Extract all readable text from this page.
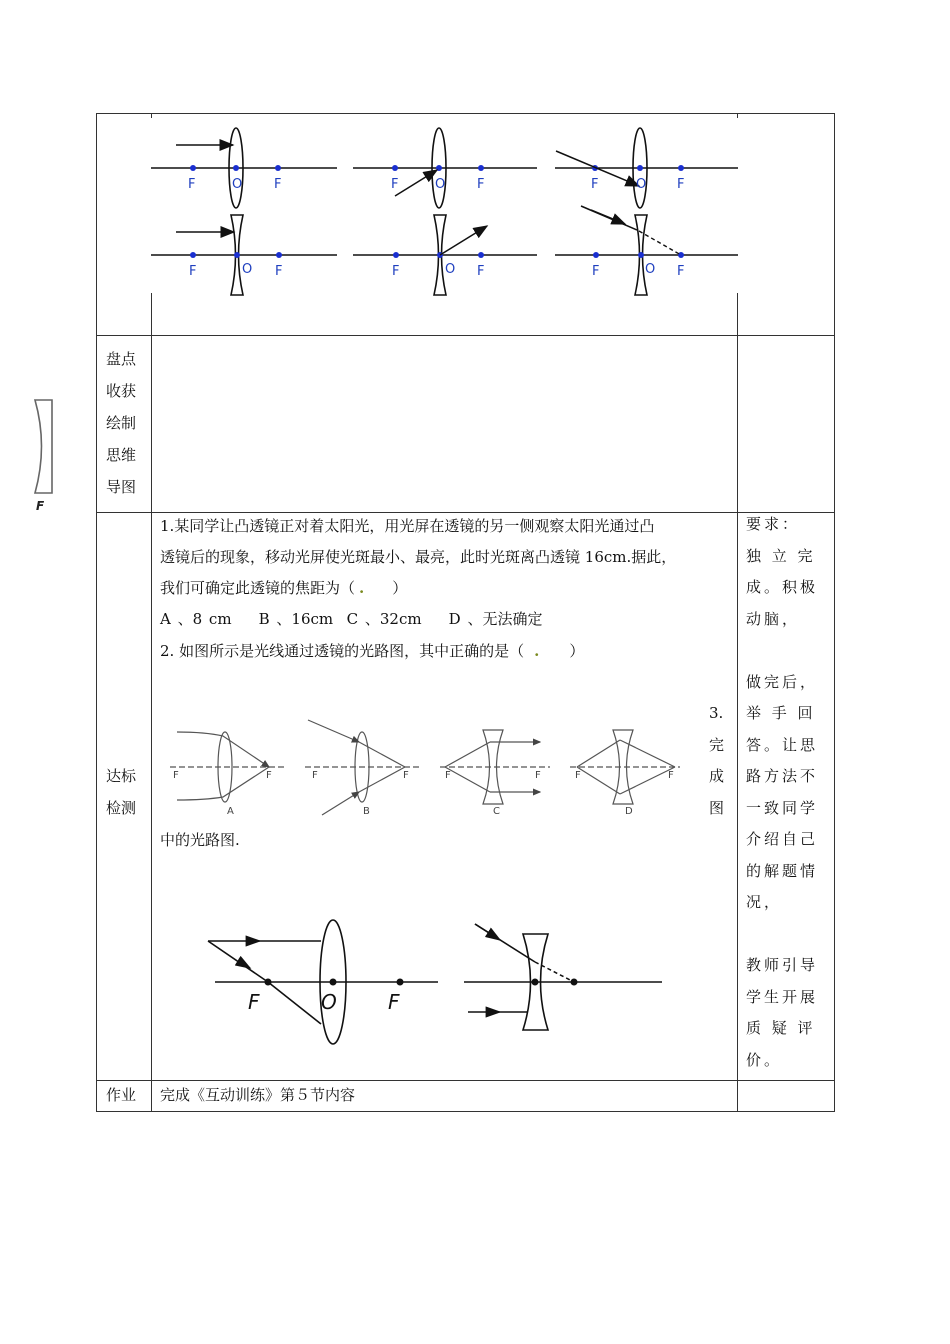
F	O F	F	O F	F	O F
F	O F	F	O F	F	O F
F
盘点
收获
绘制
思维
导图
达标
检测
1.某同学让凸透镜正对着太阳光，用光屏在透镜的另一侧观察太阳光通过凸
透镜后的现象，移动光屏使光斑最小、最亮，此时光斑离凸透镜 16cm.据此，
我们可确定此透镜的焦距为（ . ）
A 、8 cm    B 、16cm  C 、32cm    D 、无法确定
2. 如图所示是光线通过透镜的光路图，其中正确的是（ . ）
3.
完
成
图
中的光路图.
F	F	F	F	F	F	F	F
A	B	C	D
F	O	F
要求：
独 立 完
成。积极
动脑，
做完后，
举 手 回
答。让思
路方法不
一致同学
介绍自己
的解题情
况，
教师引导
学生开展
质 疑 评
价。
作业 完成《互动训练》第５节内容
